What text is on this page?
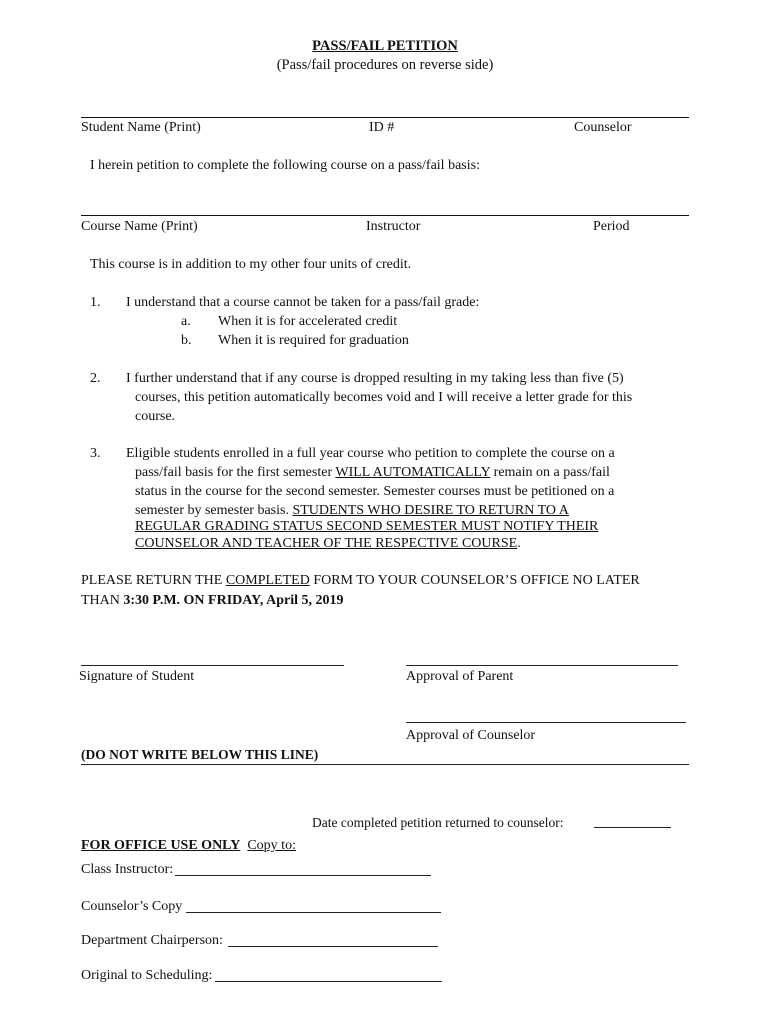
PASS/FAIL PETITION
(Pass/fail procedures on reverse side)
Student Name (Print)	ID #	Counselor
I herein petition to complete the following course on a pass/fail basis:
Course Name (Print)	Instructor	Period
This course is in addition to my other four units of credit.
1. I understand that a course cannot be taken for a pass/fail grade:
a. When it is for accelerated credit
b. When it is required for graduation
2. I further understand that if any course is dropped resulting in my taking less than five (5)
courses, this petition automatically becomes void and I will receive a letter grade for this
course.
3. Eligible students enrolled in a full year course who petition to complete the course on a
pass/fail basis for the first semester WILL AUTOMATICALLY remain on a pass/fail
status in the course for the second semester. Semester courses must be petitioned on a
semester by semester basis. STUDENTS WHO DESIRE TO RETURN TO A
REGULAR GRADING STATUS SECOND SEMESTER MUST NOTIFY THEIR
COUNSELOR AND TEACHER OF THE RESPECTIVE COURSE.
PLEASE RETURN THE COMPLETED FORM TO YOUR COUNSELOR’S OFFICE NO LATER
THAN 3:30 P.M. ON FRIDAY, April 5, 2019
Signature of Student	Approval of Parent
Approval of Counselor
(DO NOT WRITE BELOW THIS LINE)
Date completed petition returned to counselor:
FOR OFFICE USE ONLY Copy to:
Class Instructor:
Counselor’s Copy
Department Chairperson:
Original to Scheduling:
